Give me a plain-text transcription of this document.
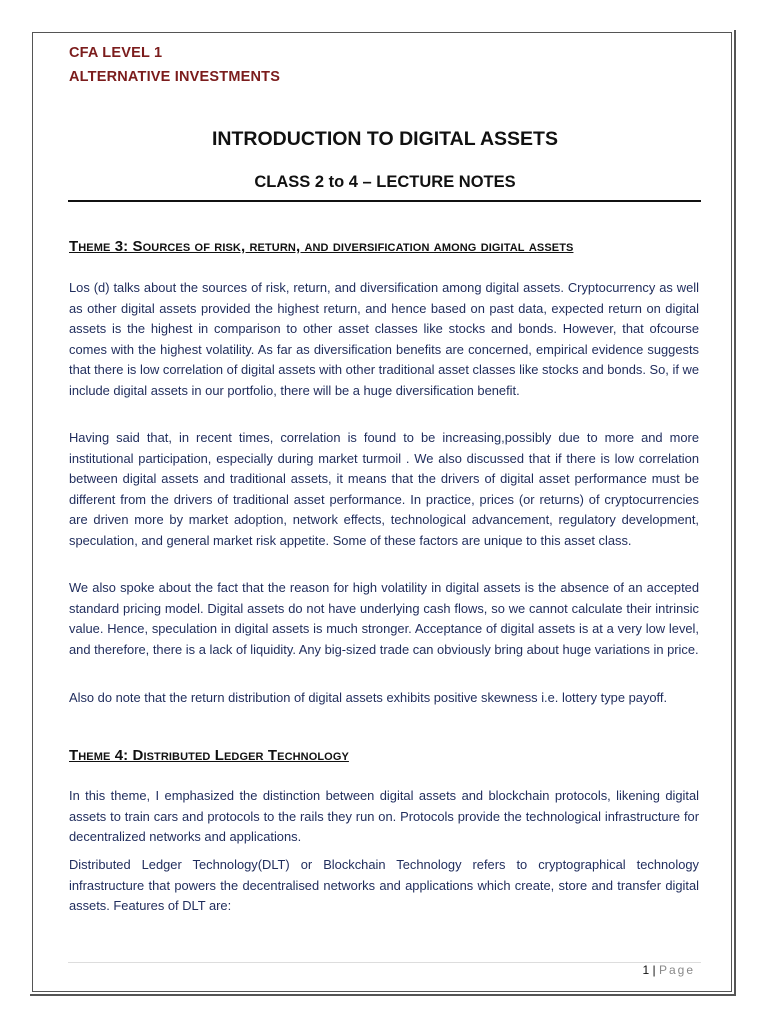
CFA LEVEL 1
ALTERNATIVE INVESTMENTS
INTRODUCTION TO DIGITAL ASSETS
CLASS 2 to 4 – LECTURE NOTES
Theme 3: Sources of risk, return, and diversification among digital assets

Los (d) talks about the sources of risk, return, and diversification among digital assets. Cryptocurrency as well as other digital assets provided the highest return, and hence based on past data, expected return on digital assets is the highest in comparison to other asset classes like stocks and bonds. However, that ofcourse comes with the highest volatility. As far as diversification benefits are concerned, empirical evidence suggests that there is low correlation of digital assets with other traditional asset classes like stocks and bonds. So, if we include digital assets in our portfolio, there will be a huge diversification benefit.

Having said that, in recent times, correlation is found to be increasing,possibly due to more and more institutional participation, especially during market turmoil . We also discussed that if there is low correlation between digital assets and traditional assets, it means that the drivers of digital asset performance must be different from the drivers of traditional asset performance. In practice, prices (or returns) of cryptocurrencies are driven more by market adoption, network effects, technological advancement, regulatory development, speculation, and general market risk appetite. Some of these factors are unique to this asset class.

We also spoke about the fact that the reason for high volatility in digital assets is the absence of an accepted standard pricing model. Digital assets do not have underlying cash flows, so we cannot calculate their intrinsic value. Hence, speculation in digital assets is much stronger. Acceptance of digital assets is at a very low level, and therefore, there is a lack of liquidity. Any big-sized trade can obviously bring about huge variations in price.

Also do note that the return distribution of digital assets exhibits positive skewness i.e. lottery type payoff.

Theme 4: Distributed Ledger Technology

In this theme, I emphasized the distinction between digital assets and blockchain protocols, likening digital assets to train cars and protocols to the rails they run on. Protocols provide the technological infrastructure for decentralized networks and applications.

Distributed Ledger Technology(DLT) or Blockchain Technology refers to cryptographical technology infrastructure that powers the decentralised networks and applications which create, store and transfer digital assets. Features of DLT are:

1 | Page
